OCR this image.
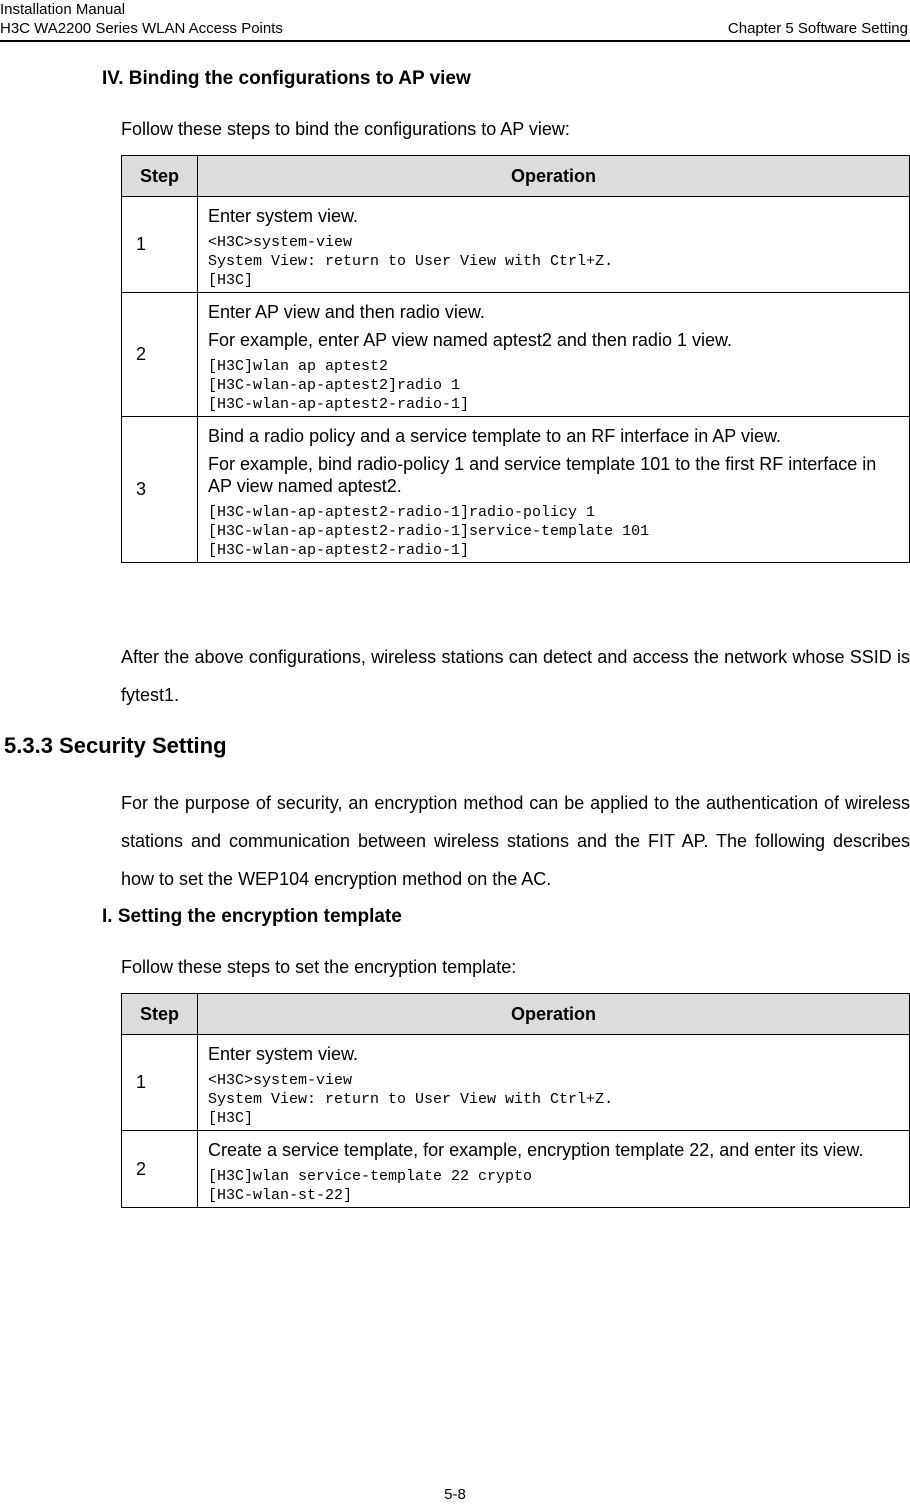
Installation Manual
H3C WA2200 Series WLAN Access Points	Chapter 5 Software Setting
IV. Binding the configurations to AP view
Follow these steps to bind the configurations to AP view:
Step	Operation
1	Enter system view.
<H3C>system-view
System View: return to User View with Ctrl+Z.
[H3C]

2	Enter AP view and then radio view.
For example, enter AP view named aptest2 and then radio 1 view.
[H3C]wlan ap aptest2
[H3C-wlan-ap-aptest2]radio 1
[H3C-wlan-ap-aptest2-radio-1]

3	Bind a radio policy and a service template to an RF interface in AP view.
For example, bind radio-policy 1 and service template 101 to the first RF interface in AP view named aptest2.
[H3C-wlan-ap-aptest2-radio-1]radio-policy 1
[H3C-wlan-ap-aptest2-radio-1]service-template 101
[H3C-wlan-ap-aptest2-radio-1]
After the above configurations, wireless stations can detect and access the network whose SSID is fytest1.
5.3.3 Security Setting
For the purpose of security, an encryption method can be applied to the authentication of wireless stations and communication between wireless stations and the FIT AP. The following describes how to set the WEP104 encryption method on the AC.
I. Setting the encryption template
Follow these steps to set the encryption template:
Step	Operation
1	Enter system view.
<H3C>system-view
System View: return to User View with Ctrl+Z.
[H3C]

2	Create a service template, for example, encryption template 22, and enter its view.
[H3C]wlan service-template 22 crypto
[H3C-wlan-st-22]
5-8
